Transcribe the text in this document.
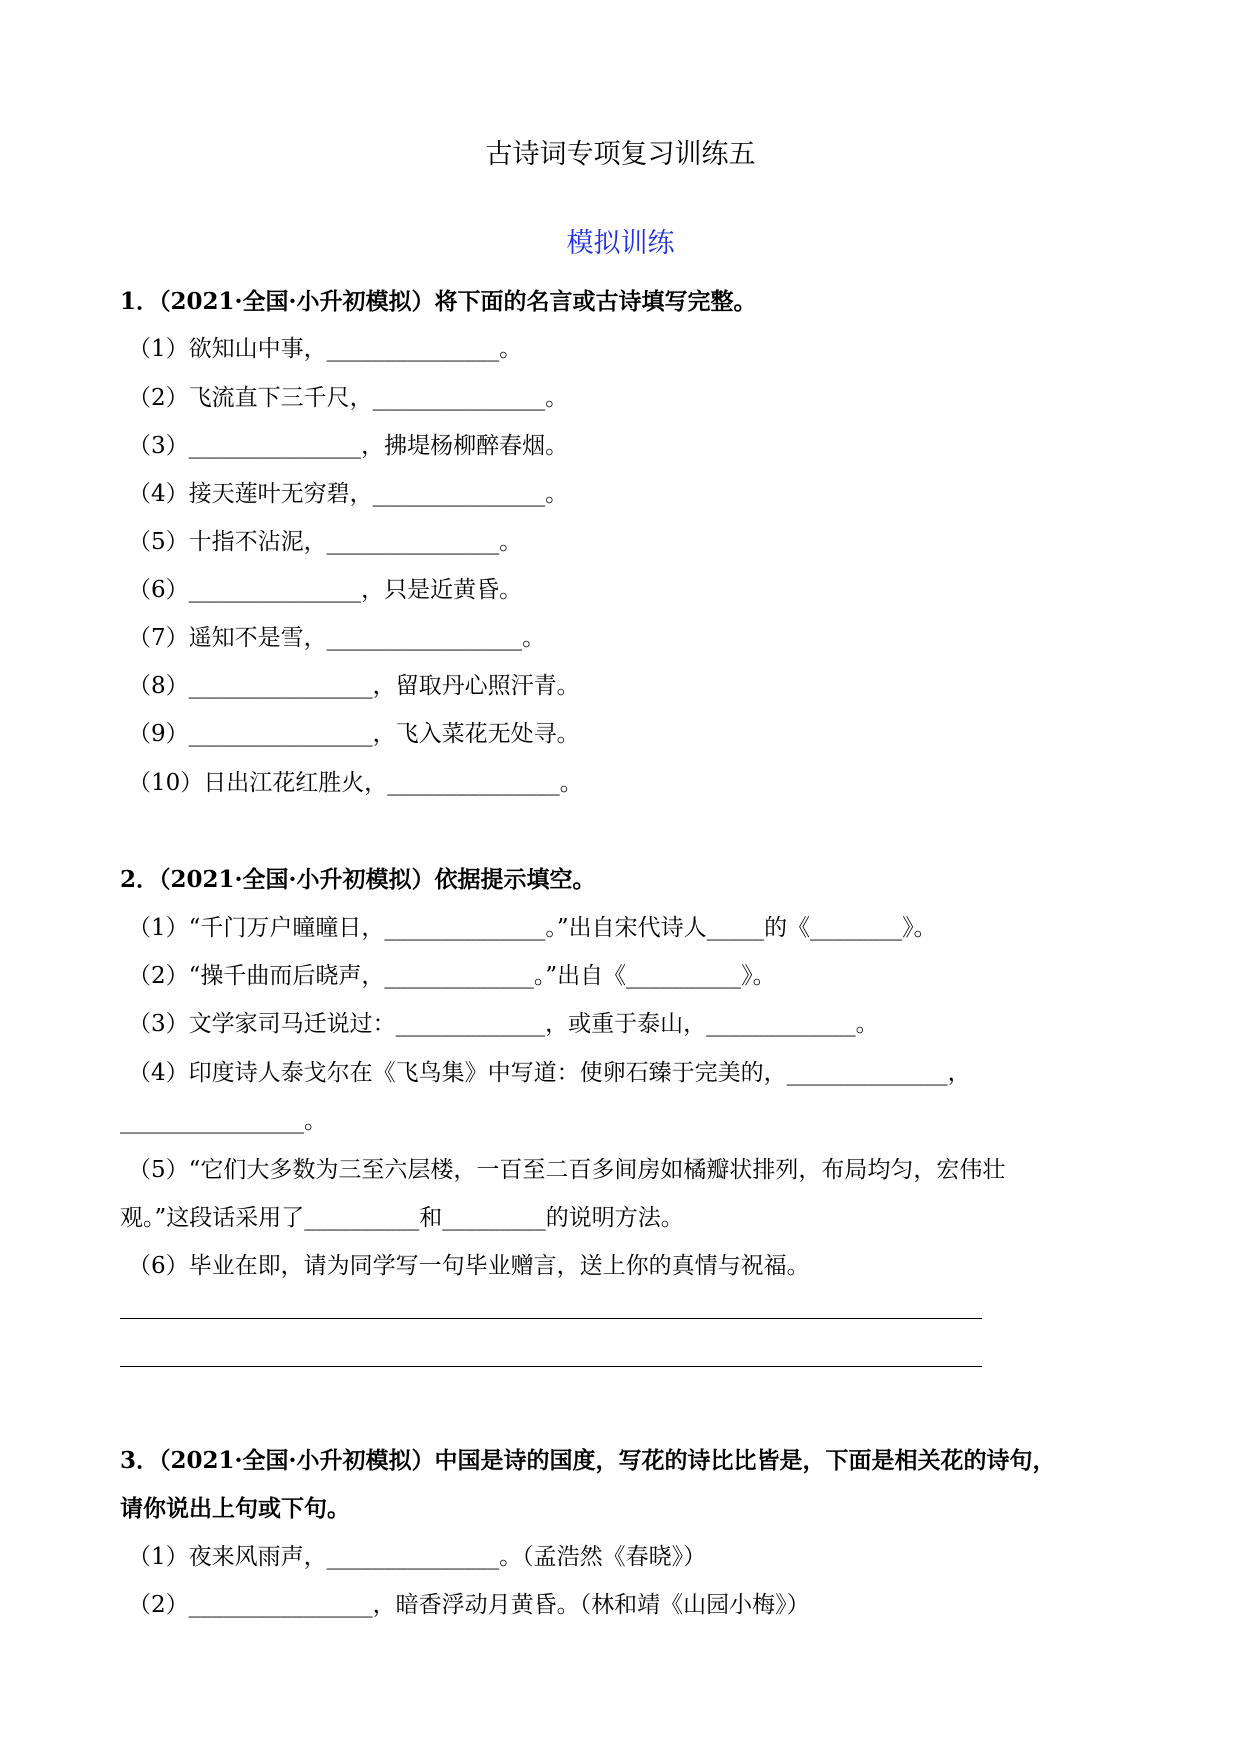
古诗词专项复习训练五
模拟训练
1．（2021·全国·小升初模拟）将下面的名言或古诗填写完整。
（1）欲知山中事，_______________。
（2）飞流直下三千尺，_______________。
（3）_______________，拂堤杨柳醉春烟。
（4）接天莲叶无穷碧，_______________。
（5）十指不沾泥，_______________。
（6）_______________，只是近黄昏。
（7）遥知不是雪，_________________。
（8）________________，留取丹心照汗青。
（9）________________，飞入菜花无处寻。
（10）日出江花红胜火，_______________。
2．（2021·全国·小升初模拟）依据提示填空。
（1）“千门万户曈曈日，______________。”出自宋代诗人_____的《________》。
（2）“操千曲而后晓声，_____________。”出自《__________》。
（3）文学家司马迁说过：_____________，或重于泰山，_____________。
（4）印度诗人泰戈尔在《飞鸟集》中写道：使卵石臻于完美的，______________，
________________。
（5）“它们大多数为三至六层楼，一百至二百多间房如橘瓣状排列，布局均匀，宏伟壮
观。”这段话采用了__________和_________的说明方法。
（6）毕业在即，请为同学写一句毕业赠言，送上你的真情与祝福。
3．（2021·全国·小升初模拟）中国是诗的国度，写花的诗比比皆是，下面是相关花的诗句，
请你说出上句或下句。
（1）夜来风雨声，_______________。（孟浩然《春晓》）
（2）________________，暗香浮动月黄昏。（林和靖《山园小梅》）
